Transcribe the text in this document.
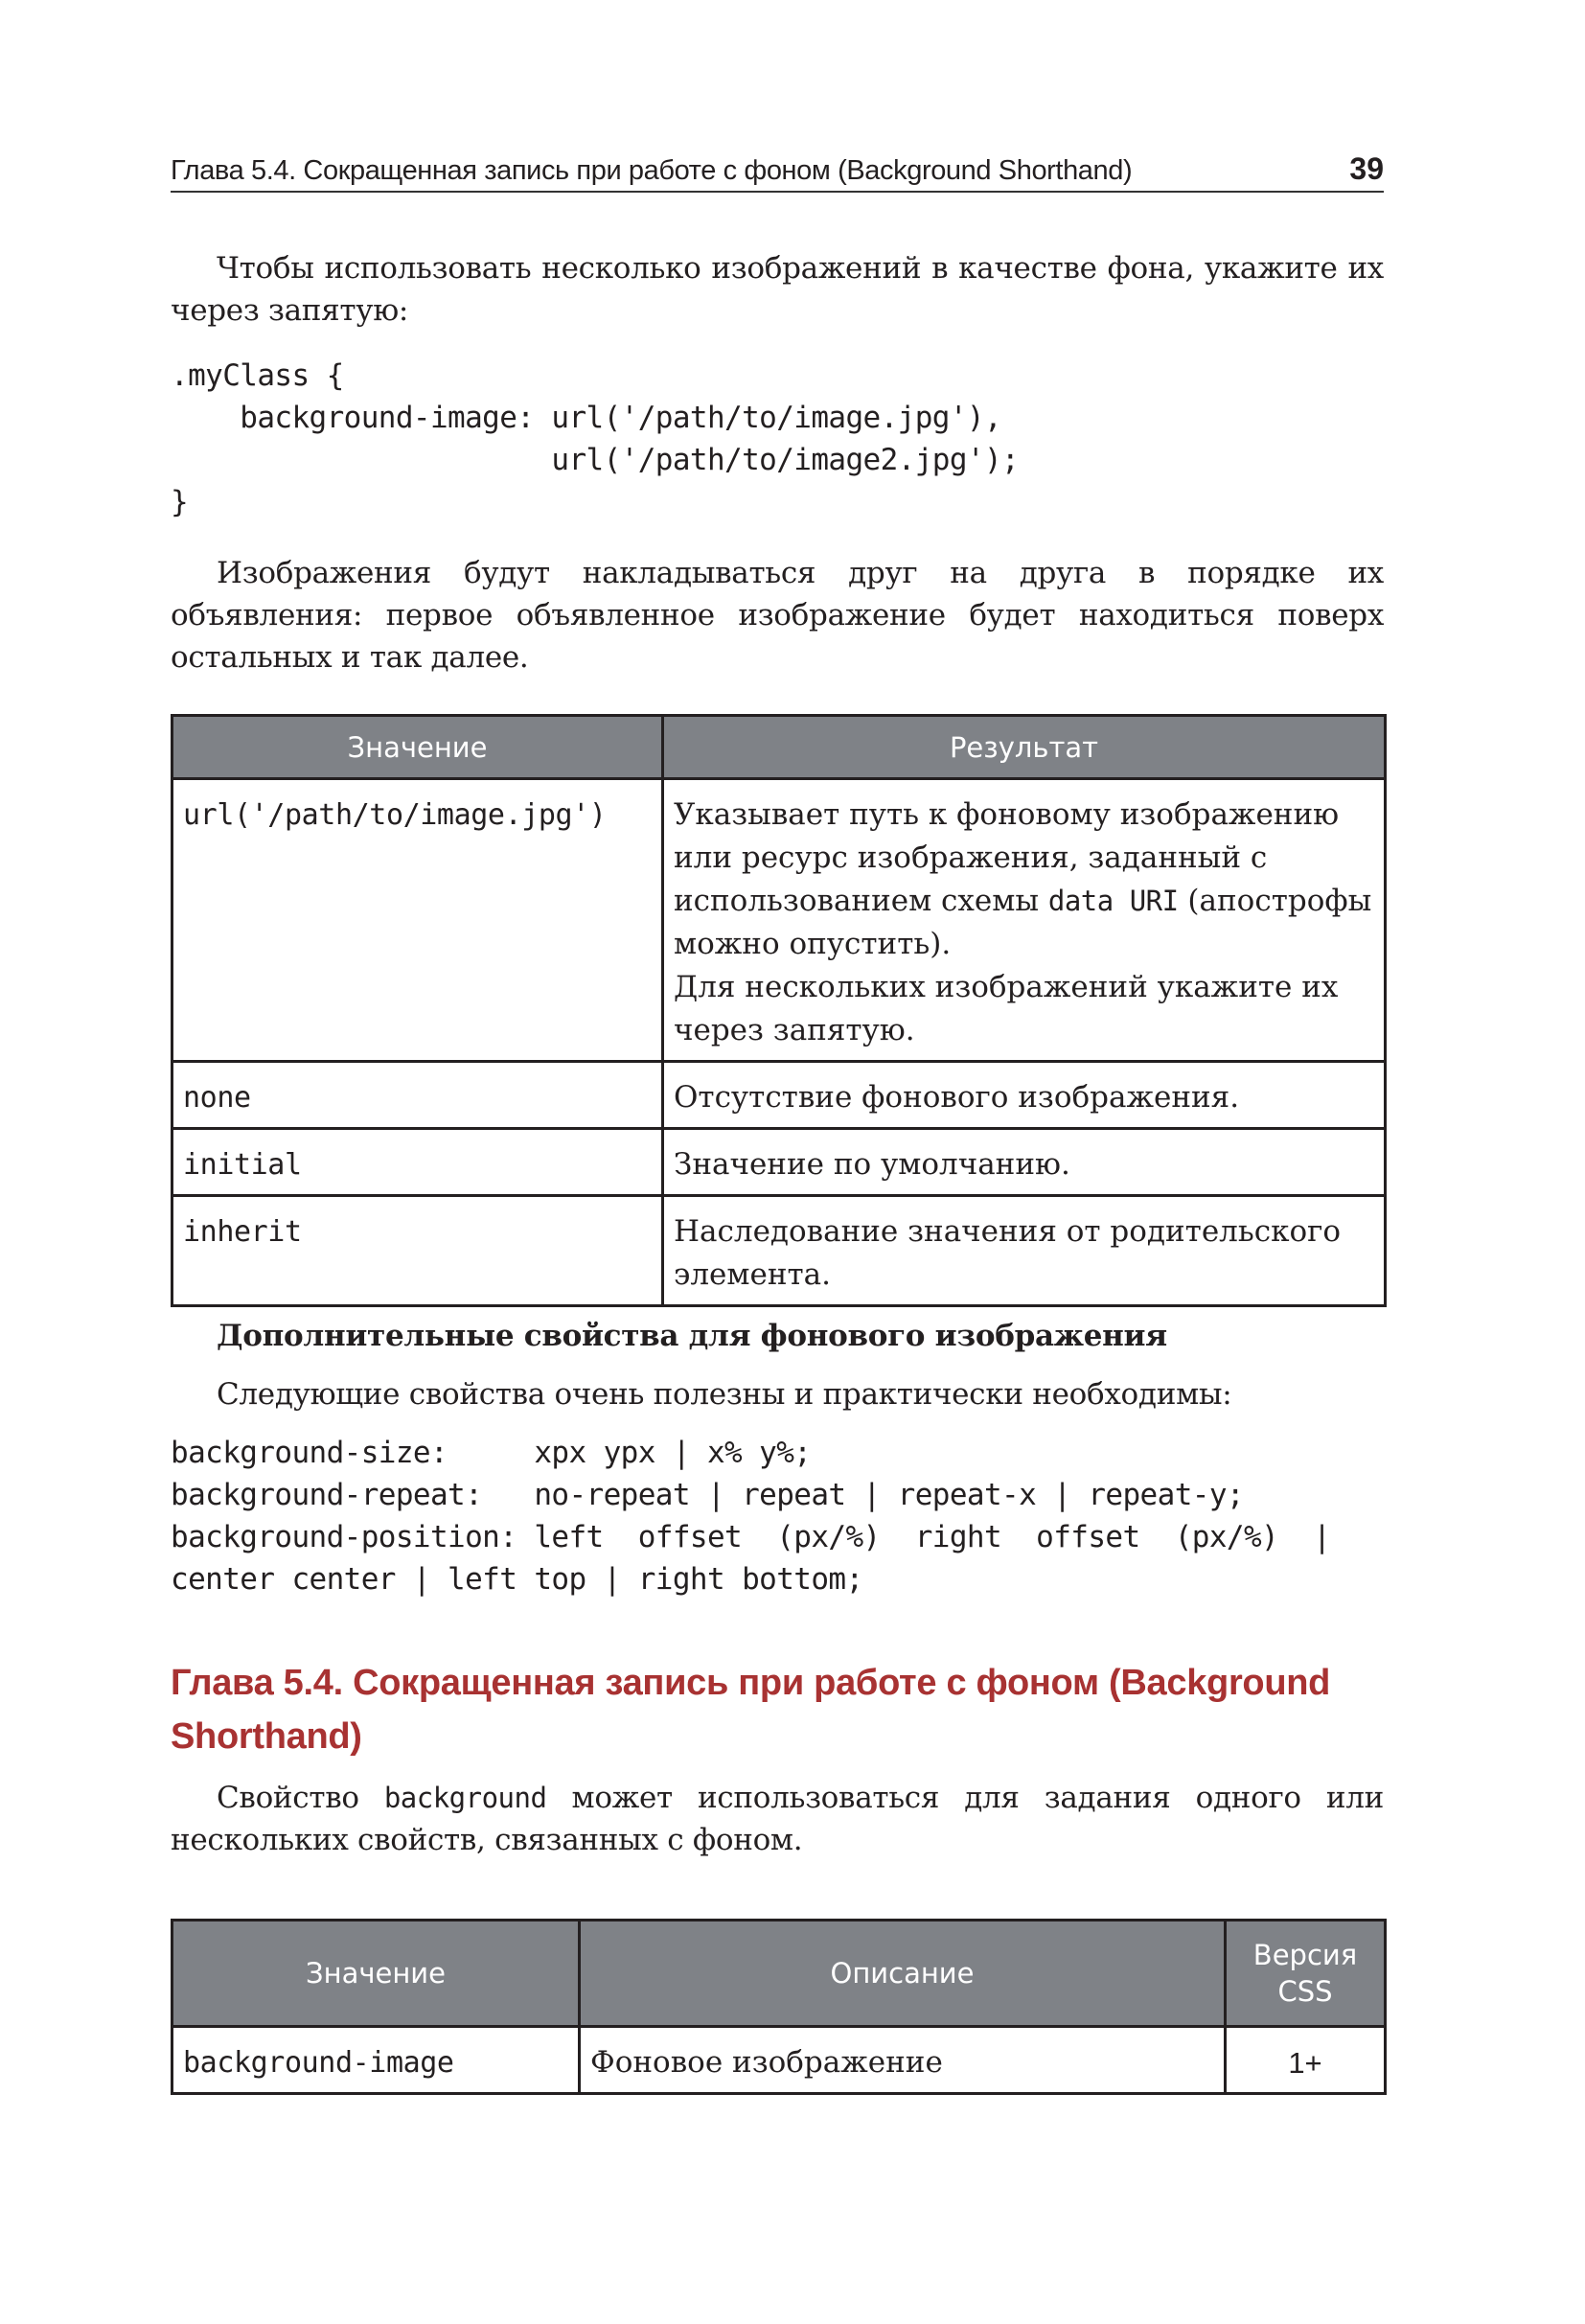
Глава 5.4. Сокращенная запись при работе с фоном (Background Shorthand)	39

Чтобы использовать несколько изображений в качестве фона, укажите их через запятую:

.myClass {
background-image: url('/path/to/image.jpg'),
url('/path/to/image2.jpg');
}

Изображения будут накладываться друг на друга в порядке их объявления: первое объявленное изображение будет находиться поверх остальных и так далее.

Значение	Результат
url('/path/to/image.jpg')	Указывает путь к фоновому изображению или ресурс изображения, заданный с использованием схемы data URI (апострофы можно опустить).
Для нескольких изображений укажите их через запятую.
none	Отсутствие фонового изображения.
initial	Значение по умолчанию.
inherit	Наследование значения от родительского элемента.

Дополнительные свойства для фонового изображения

Следующие свойства очень полезны и практически необходимы:

background-size:     xpx ypx | x% y%;
background-repeat:   no-repeat | repeat | repeat-x | repeat-y;
background-position: left  offset  (px/%)  right  offset  (px/%)  |
center center | left top | right bottom;
Глава 5.4. Сокращенная запись при работе с фоном (Background Shorthand)

Свойство background может использоваться для задания одного или нескольких свойств, связанных с фоном.

Значение	Описание	Версия CSS
background-image	Фоновое изображение	1+
